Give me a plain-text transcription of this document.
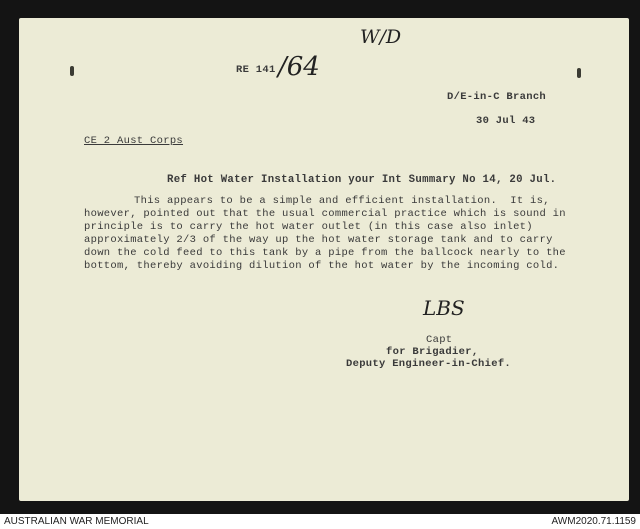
W/D
RE 141 /64
D/E-in-C Branch
30 Jul 43
CE 2 Aust Corps
Ref Hot Water Installation your Int Summary No 14, 20 Jul.
This appears to be a simple and efficient installation.  It is,
however, pointed out that the usual commercial practice which is sound in
principle is to carry the hot water outlet (in this case also inlet)
approximately 2/3 of the way up the hot water storage tank and to carry
down the cold feed to this tank by a pipe from the ballcock nearly to the
bottom, thereby avoiding dilution of the hot water by the incoming cold.
LBS
Capt
for Brigadier,
Deputy Engineer-in-Chief.
AUSTRALIAN WAR MEMORIAL	AWM2020.71.1159
